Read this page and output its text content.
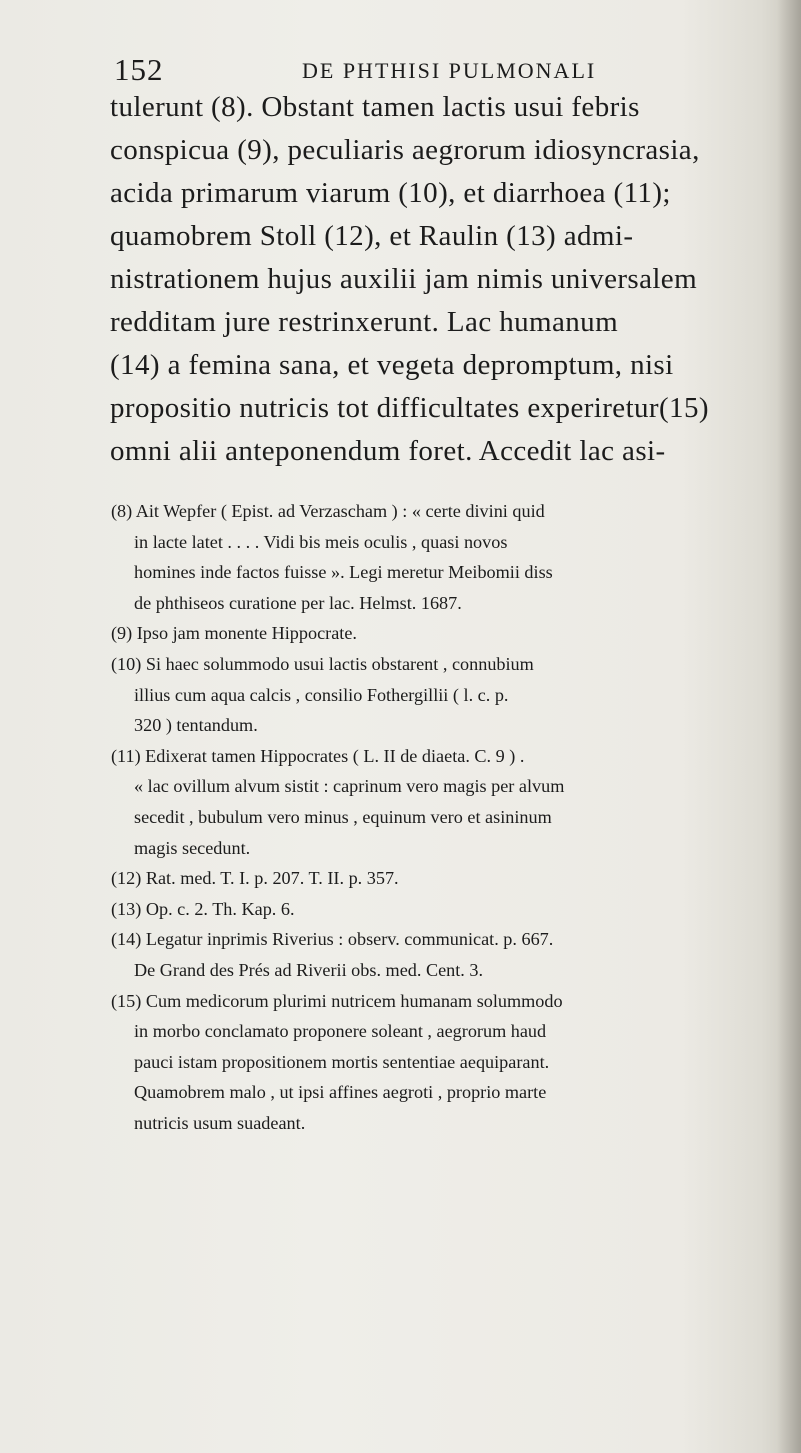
152	DE PHTHISI PULMONALI
tulerunt (8). Obstant tamen lactis usui febris
conspicua (9), peculiaris aegrorum idiosyncrasia,
acida primarum viarum (10), et diarrhoea (11);
quamobrem Stoll (12), et Raulin (13) admi-
nistrationem hujus auxilii jam nimis universalem
redditam jure restrinxerunt. Lac humanum
(14) a femina sana, et vegeta depromptum, nisi
propositio nutricis tot difficultates experiretur(15)
omni alii anteponendum foret. Accedit lac asi-
(8) Ait Wepfer ( Epist. ad Verzascham ) : « certe divini quid
in lacte latet . . . . Vidi bis meis oculis , quasi novos
homines inde factos fuisse ». Legi meretur Meibomii diss
de phthiseos curatione per lac. Helmst. 1687.
(9) Ipso jam monente Hippocrate.
(10) Si haec solummodo usui lactis obstarent , connubium
illius cum aqua calcis , consilio Fothergillii ( l. c. p.
320 ) tentandum.
(11) Edixerat tamen Hippocrates ( L. II de diaeta. C. 9 ) .
« lac ovillum alvum sistit : caprinum vero magis per alvum
secedit , bubulum vero minus , equinum vero et asininum
magis secedunt.
(12) Rat. med. T. I. p. 207. T. II. p. 357.
(13) Op. c. 2. Th. Kap. 6.
(14) Legatur inprimis Riverius : observ. communicat. p. 667.
De Grand des Prés ad Riverii obs. med. Cent. 3.
(15) Cum medicorum plurimi nutricem humanam solummodo
in morbo conclamato proponere soleant , aegrorum haud
pauci istam propositionem mortis sententiae aequiparant.
Quamobrem malo , ut ipsi affines aegroti , proprio marte
nutricis usum suadeant.
